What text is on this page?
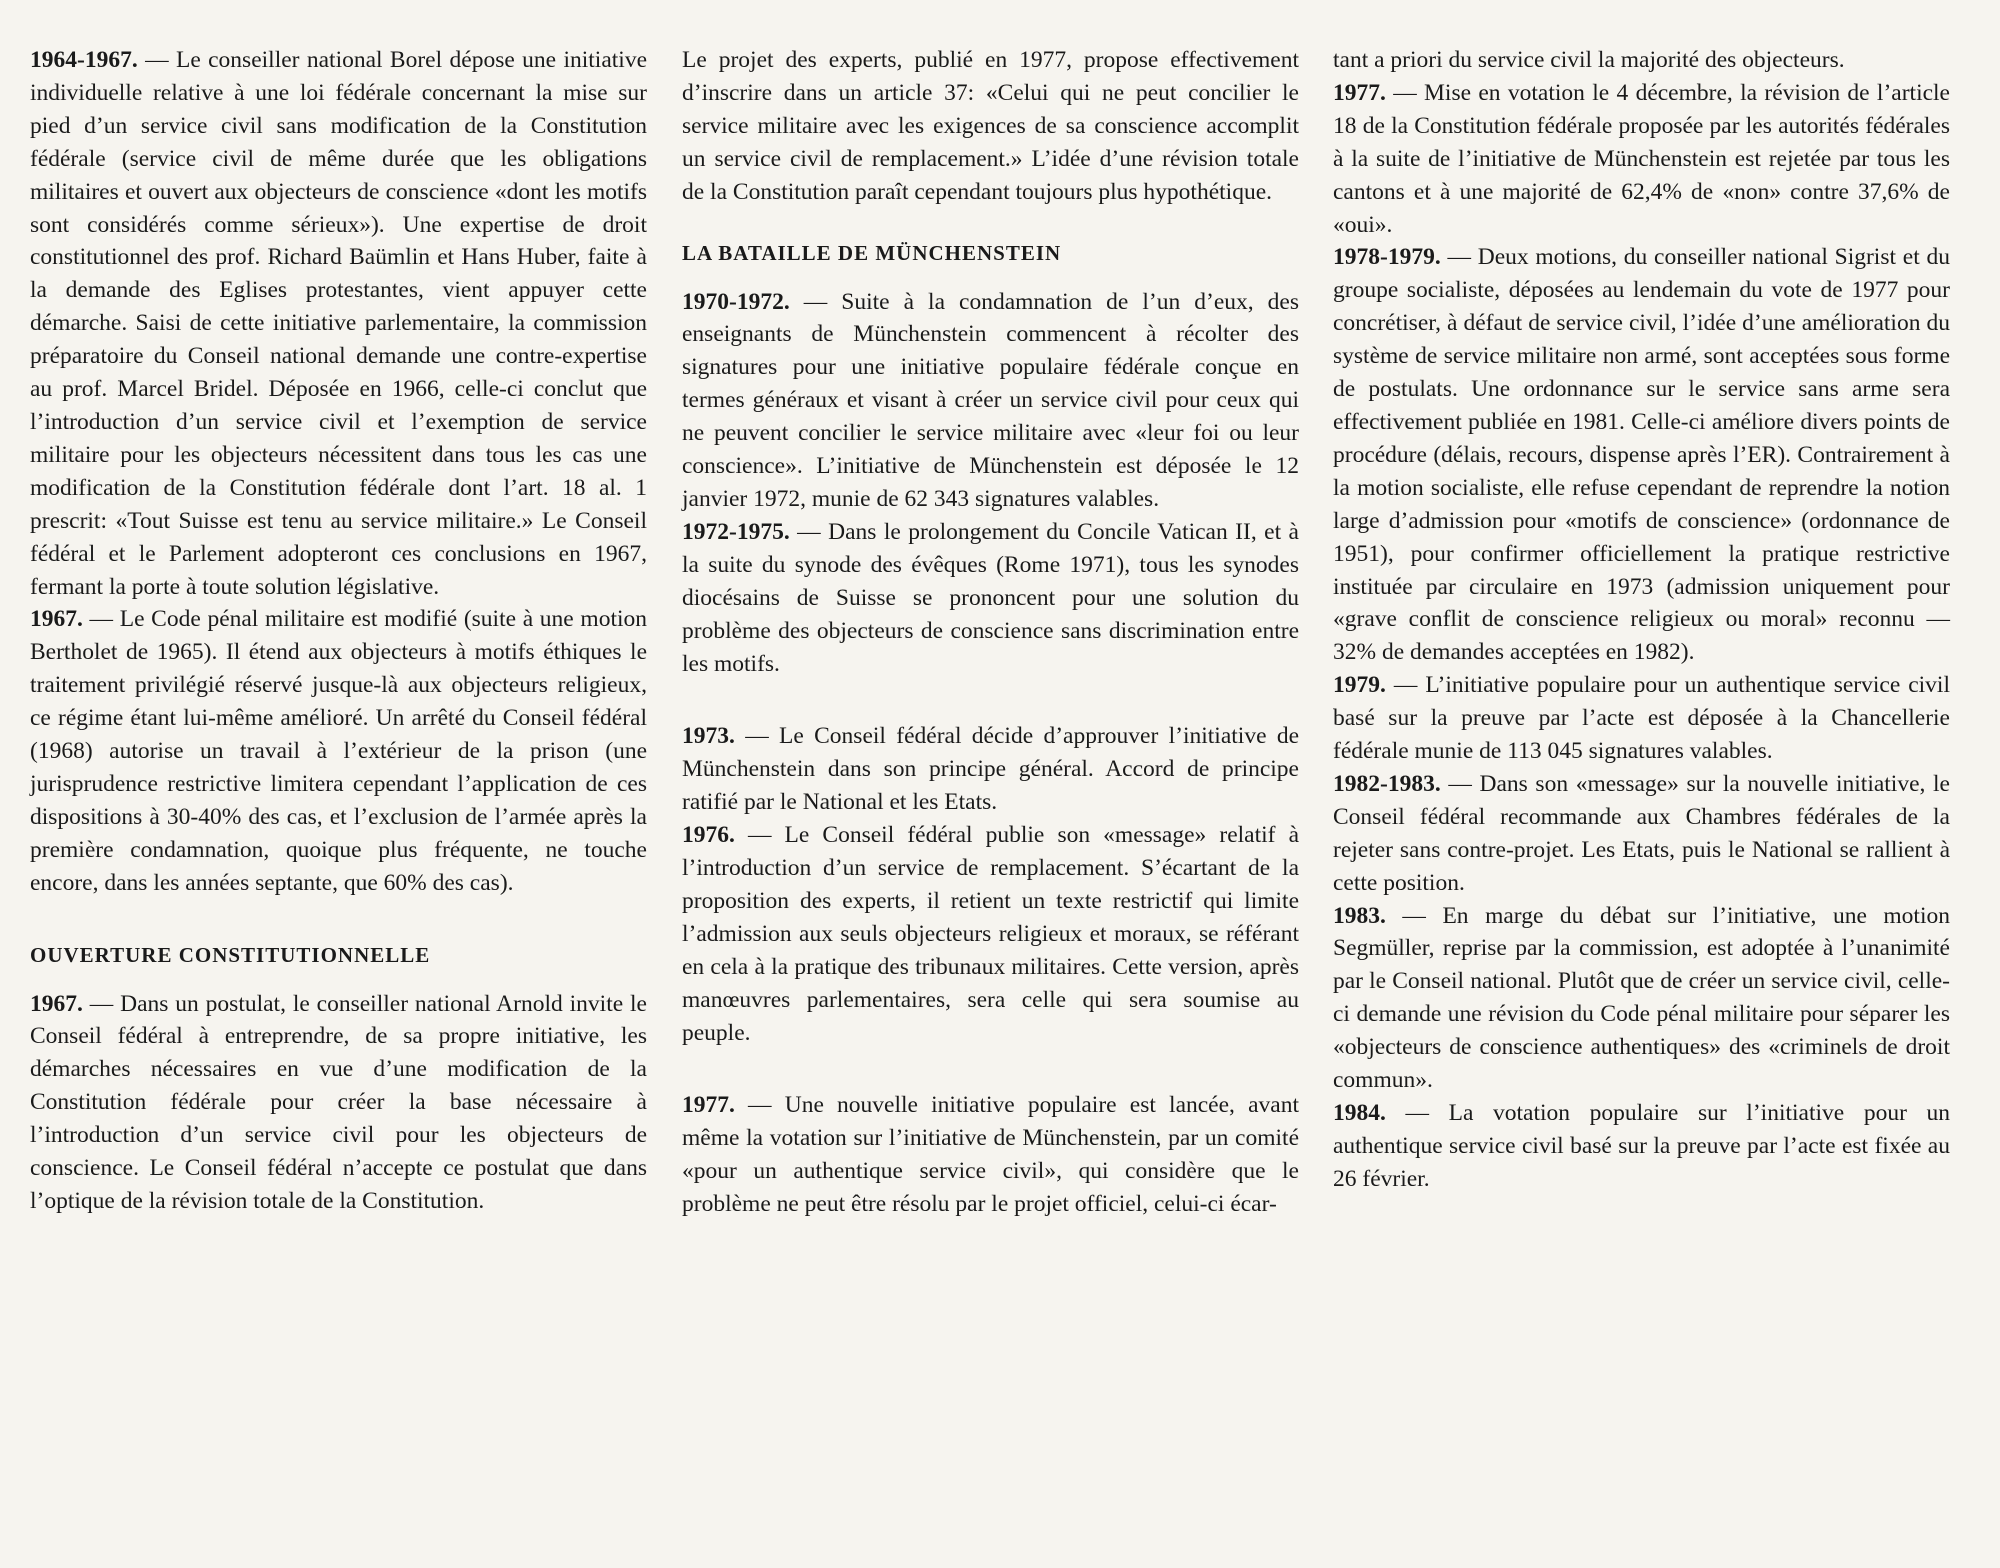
1964-1967. — Le conseiller national Borel dépose une initiative individuelle relative à une loi fédérale concernant la mise sur pied d’un service civil sans modification de la Constitution fédérale (service civil de même durée que les obligations militaires et ouvert aux objecteurs de conscience «dont les motifs sont considérés comme sérieux»). Une expertise de droit constitutionnel des prof. Richard Baümlin et Hans Huber, faite à la demande des Eglises protestantes, vient appuyer cette démarche. Saisi de cette initiative parlementaire, la commission préparatoire du Conseil national demande une contre-expertise au prof. Marcel Bridel. Déposée en 1966, celle-ci conclut que l’introduction d’un service civil et l’exemption de service militaire pour les objecteurs nécessitent dans tous les cas une modification de la Constitution fédérale dont l’art. 18 al. 1 prescrit: «Tout Suisse est tenu au service militaire.» Le Conseil fédéral et le Parlement adopteront ces conclusions en 1967, fermant la porte à toute solution législative.

1967. — Le Code pénal militaire est modifié (suite à une motion Bertholet de 1965). Il étend aux objecteurs à motifs éthiques le traitement privilégié réservé jusque-là aux objecteurs religieux, ce régime étant lui-même amélioré. Un arrêté du Conseil fédéral (1968) autorise un travail à l’extérieur de la prison (une jurisprudence restrictive limitera cependant l’application de ces dispositions à 30-40% des cas, et l’exclusion de l’armée après la première condamnation, quoique plus fréquente, ne touche encore, dans les années septante, que 60% des cas).

OUVERTURE CONSTITUTIONNELLE

1967. — Dans un postulat, le conseiller national Arnold invite le Conseil fédéral à entreprendre, de sa propre initiative, les démarches nécessaires en vue d’une modification de la Constitution fédérale pour créer la base nécessaire à l’introduction d’un service civil pour les objecteurs de conscience. Le Conseil fédéral n’accepte ce postulat que dans l’optique de la révision totale de la Constitution.

Le projet des experts, publié en 1977, propose effectivement d’inscrire dans un article 37: «Celui qui ne peut concilier le service militaire avec les exigences de sa conscience accomplit un service civil de remplacement.» L’idée d’une révision totale de la Constitution paraît cependant toujours plus hypothétique.

LA BATAILLE DE MÜNCHENSTEIN

1970-1972. — Suite à la condamnation de l’un d’eux, des enseignants de Münchenstein commencent à récolter des signatures pour une initiative populaire fédérale conçue en termes généraux et visant à créer un service civil pour ceux qui ne peuvent concilier le service militaire avec «leur foi ou leur conscience». L’initiative de Münchenstein est déposée le 12 janvier 1972, munie de 62 343 signatures valables.

1972-1975. — Dans le prolongement du Concile Vatican II, et à la suite du synode des évêques (Rome 1971), tous les synodes diocésains de Suisse se prononcent pour une solution du problème des objecteurs de conscience sans discrimination entre les motifs.

1973. — Le Conseil fédéral décide d’approuver l’initiative de Münchenstein dans son principe général. Accord de principe ratifié par le National et les Etats.

1976. — Le Conseil fédéral publie son «message» relatif à l’introduction d’un service de remplacement. S’écartant de la proposition des experts, il retient un texte restrictif qui limite l’admission aux seuls objecteurs religieux et moraux, se référant en cela à la pratique des tribunaux militaires. Cette version, après manœuvres parlementaires, sera celle qui sera soumise au peuple.

1977. — Une nouvelle initiative populaire est lancée, avant même la votation sur l’initiative de Münchenstein, par un comité «pour un authentique service civil», qui considère que le problème ne peut être résolu par le projet officiel, celui-ci écar-

tant a priori du service civil la majorité des objecteurs.

1977. — Mise en votation le 4 décembre, la révision de l’article 18 de la Constitution fédérale proposée par les autorités fédérales à la suite de l’initiative de Münchenstein est rejetée par tous les cantons et à une majorité de 62,4% de «non» contre 37,6% de «oui».

1978-1979. — Deux motions, du conseiller national Sigrist et du groupe socialiste, déposées au lendemain du vote de 1977 pour concrétiser, à défaut de service civil, l’idée d’une amélioration du système de service militaire non armé, sont acceptées sous forme de postulats. Une ordonnance sur le service sans arme sera effectivement publiée en 1981. Celle-ci améliore divers points de procédure (délais, recours, dispense après l’ER). Contrairement à la motion socialiste, elle refuse cependant de reprendre la notion large d’admission pour «motifs de conscience» (ordonnance de 1951), pour confirmer officiellement la pratique restrictive instituée par circulaire en 1973 (admission uniquement pour «grave conflit de conscience religieux ou moral» reconnu — 32% de demandes acceptées en 1982).

1979. — L’initiative populaire pour un authentique service civil basé sur la preuve par l’acte est déposée à la Chancellerie fédérale munie de 113 045 signatures valables.

1982-1983. — Dans son «message» sur la nouvelle initiative, le Conseil fédéral recommande aux Chambres fédérales de la rejeter sans contre-projet. Les Etats, puis le National se rallient à cette position.

1983. — En marge du débat sur l’initiative, une motion Segmüller, reprise par la commission, est adoptée à l’unanimité par le Conseil national. Plutôt que de créer un service civil, celle-ci demande une révision du Code pénal militaire pour séparer les «objecteurs de conscience authentiques» des «criminels de droit commun».

1984. — La votation populaire sur l’initiative pour un authentique service civil basé sur la preuve par l’acte est fixée au 26 février.
